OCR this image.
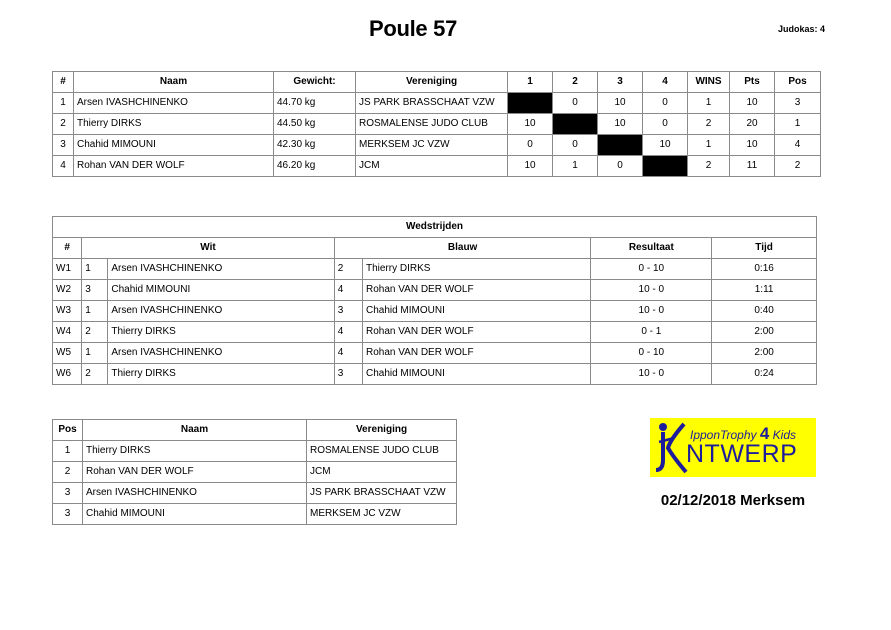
Poule 57	Judokas: 4
#	Naam	Gewicht:	Vereniging	1	2	3	4	WINS	Pts	Pos
1	Arsen IVASHCHINENKO	44.70 kg	JS PARK BRASSCHAAT VZW		0	10	0	1	10	3
2	Thierry DIRKS	44.50 kg	ROSMALENSE JUDO CLUB	10		10	0	2	20	1
3	Chahid MIMOUNI	42.30 kg	MERKSEM JC VZW	0	0		10	1	10	4
4	Rohan VAN DER WOLF	46.20 kg	JCM	10	1	0		2	11	2
Wedstrijden						
#	Wit		Blauw		Resultaat	Tijd
W1	1	Arsen IVASHCHINENKO	2	Thierry DIRKS	0 - 10	0:16
W2	3	Chahid MIMOUNI	4	Rohan VAN DER WOLF	10 - 0	1:11
W3	1	Arsen IVASHCHINENKO	3	Chahid MIMOUNI	10 - 0	0:40
W4	2	Thierry DIRKS	4	Rohan VAN DER WOLF	0 - 1	2:00
W5	1	Arsen IVASHCHINENKO	4	Rohan VAN DER WOLF	0 - 10	2:00
W6	2	Thierry DIRKS	3	Chahid MIMOUNI	10 - 0	0:24
Pos	Naam	Vereniging
1	Thierry DIRKS	ROSMALENSE JUDO CLUB
2	Rohan VAN DER WOLF	JCM
3	Arsen IVASHCHINENKO	JS PARK BRASSCHAAT VZW
3	Chahid MIMOUNI	MERKSEM JC VZW
IpponTrophy 4 Kids
NTWERP
02/12/2018 Merksem
